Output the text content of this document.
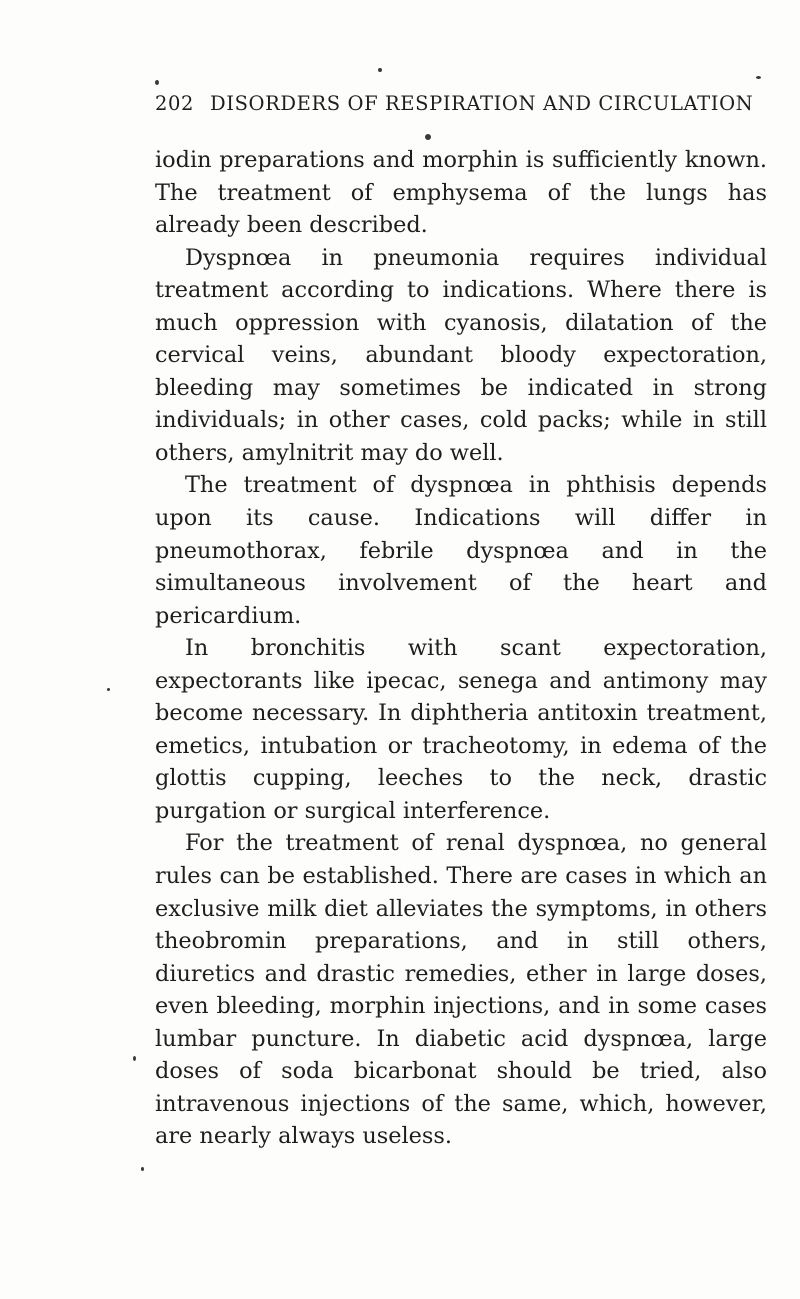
202 DISORDERS OF RESPIRATION AND CIRCULATION

iodin preparations and morphin is sufficiently known. The treatment of emphysema of the lungs has already been described.

Dyspnœa in pneumonia requires individual treatment according to indications. Where there is much oppression with cyanosis, dilatation of the cervical veins, abundant bloody expectoration, bleeding may sometimes be indicated in strong individuals; in other cases, cold packs; while in still others, amylnitrit may do well.

The treatment of dyspnœa in phthisis depends upon its cause. Indications will differ in pneumothorax, febrile dyspnœa and in the simultaneous involvement of the heart and pericardium.

In bronchitis with scant expectoration, expectorants like ipecac, senega and antimony may become necessary. In diphtheria antitoxin treatment, emetics, intubation or tracheotomy, in edema of the glottis cupping, leeches to the neck, drastic purgation or surgical interference.

For the treatment of renal dyspnœa, no general rules can be established. There are cases in which an exclusive milk diet alleviates the symptoms, in others theobromin preparations, and in still others, diuretics and drastic remedies, ether in large doses, even bleeding, morphin injections, and in some cases lumbar puncture. In diabetic acid dyspnœa, large doses of soda bicarbonat should be tried, also intravenous injections of the same, which, however, are nearly always useless.
